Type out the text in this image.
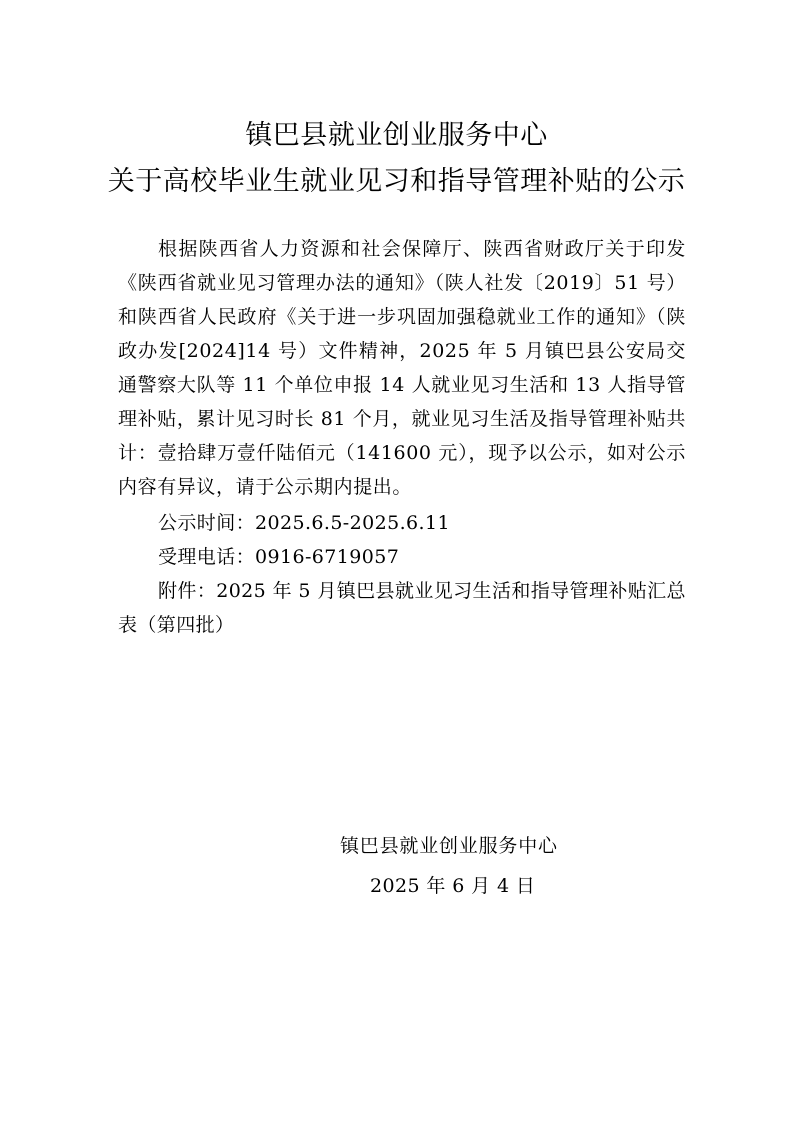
镇巴县就业创业服务中心
关于高校毕业生就业见习和指导管理补贴的公示

根据陕西省人力资源和社会保障厅、陕西省财政厅关于印发《陕西省就业见习管理办法的通知》（陕人社发〔2019〕51 号）和陕西省人民政府《关于进一步巩固加强稳就业工作的通知》（陕政办发[2024]14 号）文件精神，2025 年 5 月镇巴县公安局交通警察大队等 11 个单位申报 14 人就业见习生活和 13 人指导管理补贴，累计见习时长 81 个月，就业见习生活及指导管理补贴共计：壹拾肆万壹仟陆佰元（141600 元），现予以公示，如对公示内容有异议，请于公示期内提出。

公示时间：2025.6.5-2025.6.11

受理电话：0916-6719057

附件：2025 年 5 月镇巴县就业见习生活和指导管理补贴汇总表（第四批）

镇巴县就业创业服务中心
2025 年 6 月 4 日
